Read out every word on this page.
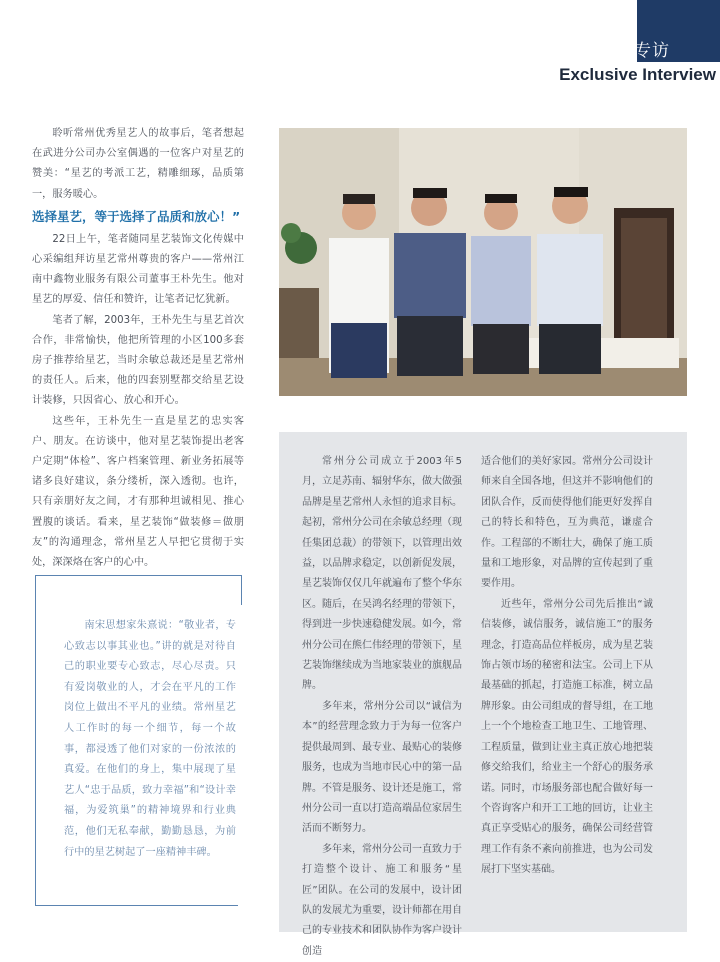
专访
Exclusive Interview

聆听常州优秀星艺人的故事后，笔者想起在武进分公司办公室偶遇的一位客户对星艺的赞美：“星艺的考派工艺，精雕细琢，品质第一，服务暖心。

选择星艺，等于选择了品质和放心！”

22日上午，笔者随同星艺装饰文化传媒中心采编组拜访星艺常州尊贵的客户——常州江南中鑫物业服务有限公司董事王朴先生。他对星艺的厚爱、信任和赞许，让笔者记忆犹新。

笔者了解，2003年，王朴先生与星艺首次合作，非常愉快，他把所管理的小区100多套房子推荐给星艺，当时余敏总裁还是星艺常州的责任人。后来，他的四套别墅都交给星艺设计装修，只因省心、放心和开心。

这些年，王朴先生一直是星艺的忠实客户、朋友。在访谈中，他对星艺装饰提出老客户定期“体检”、客户档案管理、新业务拓展等诸多良好建议，条分缕析，深入透彻。也许，只有亲朋好友之间，才有那种坦诚相见、推心置腹的谈话。看来，星艺装饰“做装修＝做朋友”的沟通理念，常州星艺人早把它贯彻于实处，深深烙在客户的心中。

常州分公司成立于2003年5月，立足苏南、辐射华东，做大做强品牌是星艺常州人永恒的追求目标。起初，常州分公司在余敏总经理（现任集团总裁）的带领下，以管理出效益，以品牌求稳定，以创新促发展，星艺装饰仅仅几年就遍布了整个华东区。随后，在吴鸿名经理的带领下，得到进一步快速稳健发展。如今，常州分公司在熊仁伟经理的带领下，星艺装饰继续成为当地家装业的旗舰品牌。

多年来，常州分公司以“诚信为本”的经营理念致力于为每一位客户提供最周到、最专业、最贴心的装修服务，也成为当地市民心中的第一品牌。不管是服务、设计还是施工，常州分公司一直以打造高端品位家居生活而不断努力。

多年来，常州分公司一直致力于打造整个设计、施工和服务“星匠”团队。在公司的发展中，设计团队的发展尤为重要，设计师都在用自己的专业技术和团队协作为客户设计创造

适合他们的美好家园。常州分公司设计师来自全国各地，但这并不影响他们的团队合作，反而使得他们能更好发挥自己的特长和特色，互为典范，谦虚合作。工程部的不断壮大，确保了施工质量和工地形象，对品牌的宣传起到了重要作用。

近些年，常州分公司先后推出“诚信装修，诚信服务，诚信施工”的服务理念，打造高品位样板房，成为星艺装饰占领市场的秘密和法宝。公司上下从最基础的抓起，打造施工标准，树立品牌形象。由公司组成的督导组，在工地上一个个地检查工地卫生、工地管理、工程质量，做到让业主真正放心地把装修交给我们，给业主一个舒心的服务承诺。同时，市场服务部也配合做好每一个咨询客户和开工工地的回访，让业主真正享受贴心的服务，确保公司经营管理工作有条不紊向前推进，也为公司发展打下坚实基础。

南宋思想家朱熹说：“敬业者，专心致志以事其业也。”讲的就是对待自己的职业要专心致志，尽心尽责。只有爱岗敬业的人，才会在平凡的工作岗位上做出不平凡的业绩。常州星艺人工作时的每一个细节，每一个故事，都浸透了他们对家的一份浓浓的真爱。在他们的身上，集中展现了星艺人“忠于品质，致力幸福”和“设计幸福，为爱筑巢”的精神境界和行业典范，他们无私奉献，勤勤恳恳，为前行中的星艺树起了一座精神丰碑。
